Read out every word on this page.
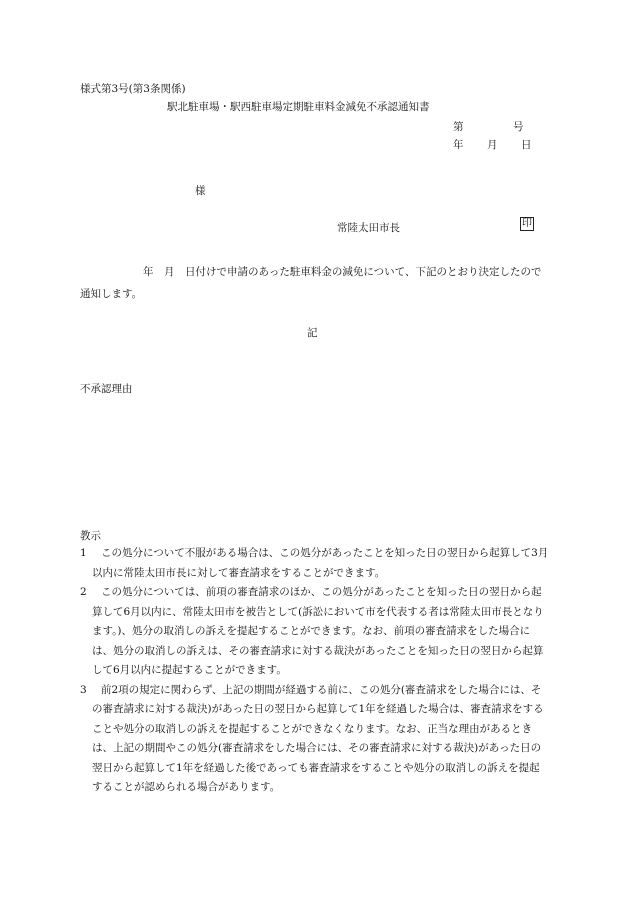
様式第3号(第3条関係)
駅北駐車場・駅西駐車場定期駐車料金減免不承認通知書
第	号
年 月 日
様
常陸太田市長	印
　　　　　　年　月　日付けで申請のあった駐車料金の減免について、下記のとおり決定したので通知します。
記
不承認理由
教示
1	この処分について不服がある場合は、この処分があったことを知った日の翌日から起算して3月以内に常陸太田市長に対して審査請求をすることができます。
2	この処分については、前項の審査請求のほか、この処分があったことを知った日の翌日から起算して6月以内に、常陸太田市を被告として(訴訟において市を代表する者は常陸太田市長となります。)、処分の取消しの訴えを提起することができます。なお、前項の審査請求をした場合には、処分の取消しの訴えは、その審査請求に対する裁決があったことを知った日の翌日から起算して6月以内に提起することができます。
3	前2項の規定に関わらず、上記の期間が経過する前に、この処分(審査請求をした場合には、その審査請求に対する裁決)があった日の翌日から起算して1年を経過した場合は、審査請求をすることや処分の取消しの訴えを提起することができなくなります。なお、正当な理由があるときは、上記の期間やこの処分(審査請求をした場合には、その審査請求に対する裁決)があった日の翌日から起算して1年を経過した後であっても審査請求をすることや処分の取消しの訴えを提起することが認められる場合があります。
